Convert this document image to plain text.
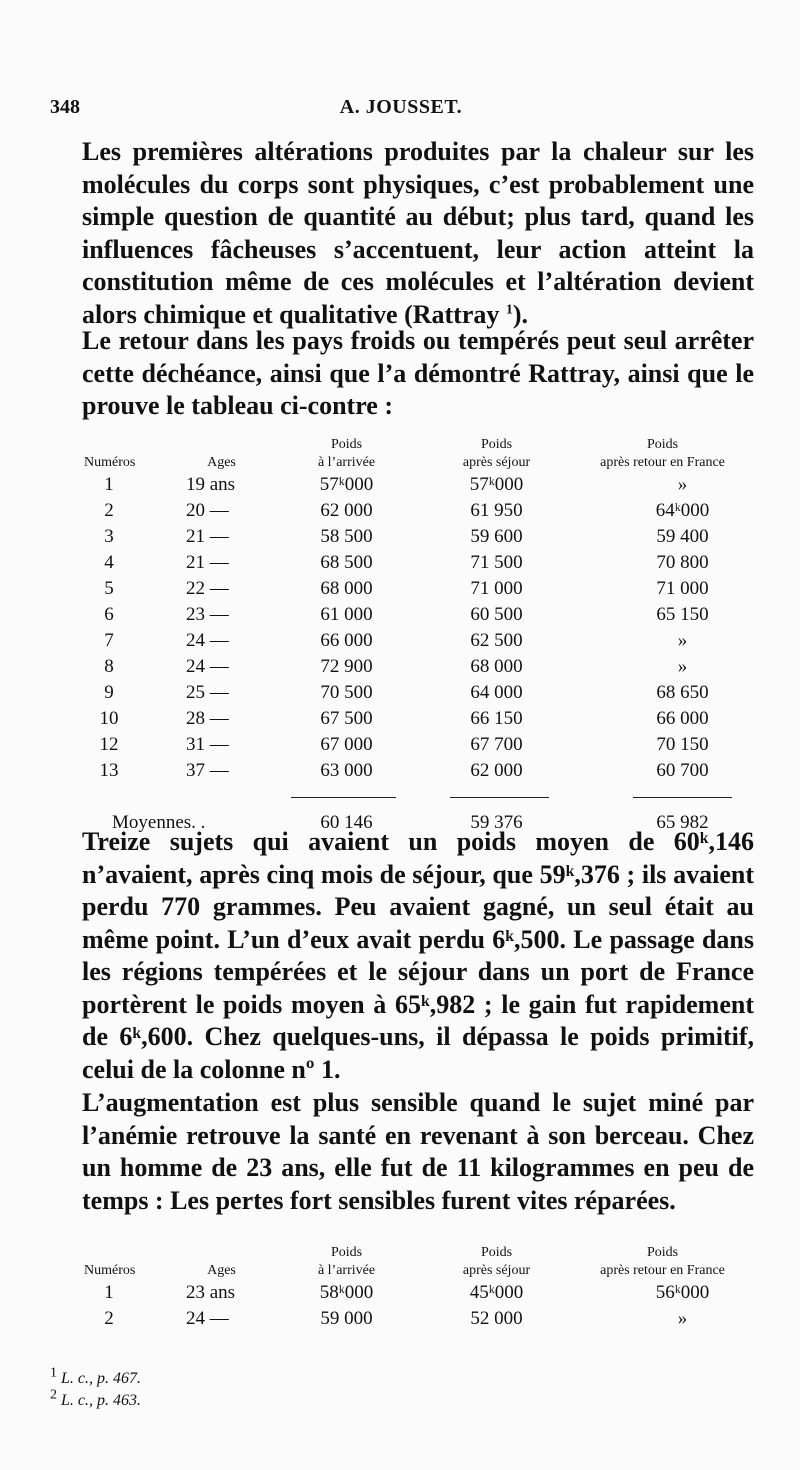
348	A. JOUSSET.

Les premières altérations produites par la chaleur sur les molécules du corps sont physiques, c’est probablement une simple question de quantité au début; plus tard, quand les influences fâcheuses s’accentuent, leur action atteint la constitution même de ces molécules et l’altération devient alors chimique et qualitative (Rattray $^1$).

Le retour dans les pays froids ou tempérés peut seul arrêter cette déchéance, ainsi que l’a démontré Rattray, ainsi que le prouve le tableau ci-contre :

		Poids	Poids	Poids
Numéros	Ages	à l’arrivée	après séjour	après retour en France
1	19 ans	57ᵏ000	57ᵏ000	»
2	20 —	62 000	61 950	64ᵏ000
3	21 —	58 500	59 600	59 400
4	21 —	68 500	71 500	70 800
5	22 —	68 000	71 000	71 000
6	23 —	61 000	60 500	65 150
7	24 —	66 000	62 500	»
8	24 —	72 900	68 000	»
9	25 —	70 500	64 000	68 650
10	28 —	67 500	66 150	66 000
12	31 —	67 000	67 700	70 150
13	37 —	63 000	62 000	60 700

Moyennes. .		60 146	59 376	65 982

Treize sujets qui avaient un poids moyen de 60ᵏ,146 n’avaient, après cinq mois de séjour, que 59ᵏ,376 ; ils avaient perdu 770 grammes. Peu avaient gagné, un seul était au même point. L’un d’eux avait perdu 6ᵏ,500. Le passage dans les régions tempérées et le séjour dans un port de France portèrent le poids moyen à 65ᵏ,982 ; le gain fut rapidement de 6ᵏ,600. Chez quelques-uns, il dépassa le poids primitif, celui de la colonne nº 1.

L’augmentation est plus sensible quand le sujet miné par l’anémie retrouve la santé en revenant à son berceau. Chez un homme de 23 ans, elle fut de 11 kilogrammes en peu de temps : Les pertes fort sensibles furent vites réparées.

		Poids	Poids	Poids
Numéros	Ages	à l’arrivée	après séjour	après retour en France
1	23 ans	58ᵏ000	45ᵏ000	56ᵏ000
2	24 —	59 000	52 000	»
$^1$ L. c., p. 467.
$^2$ L. c., p. 463.
